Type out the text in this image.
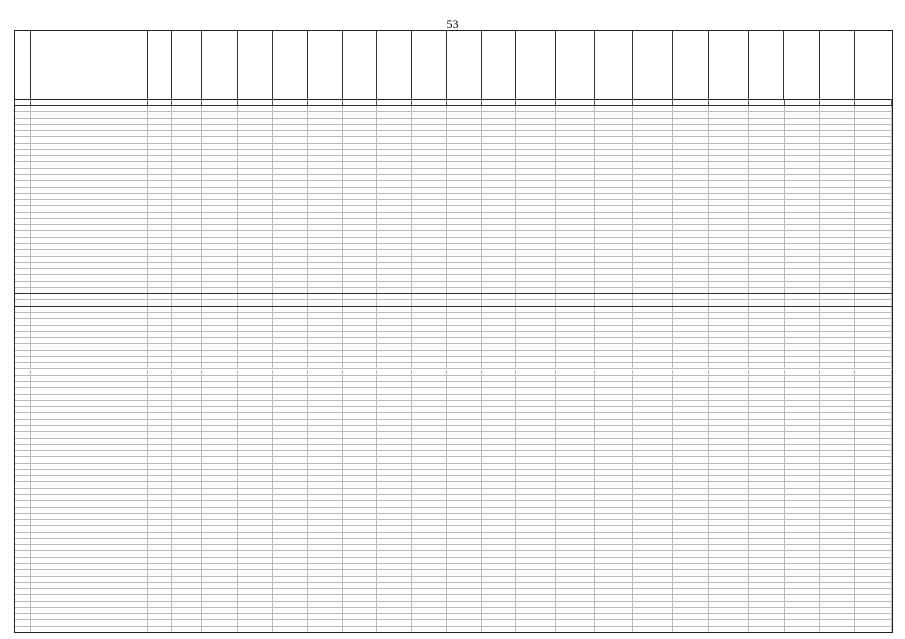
53
